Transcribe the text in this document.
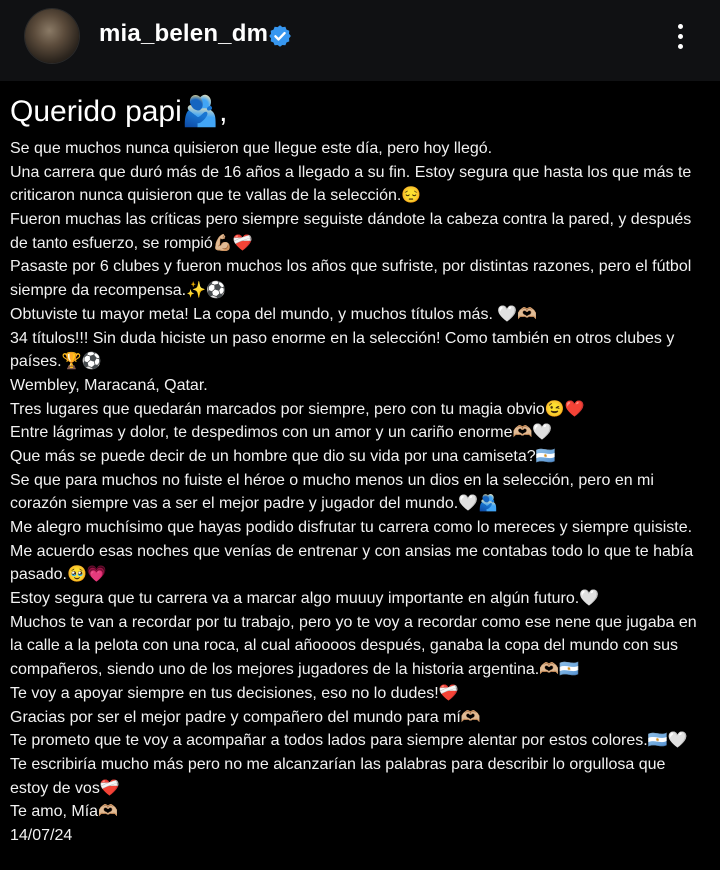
mia_belen_dm
Querido papi🫂,
Se que muchos nunca quisieron que llegue este día, pero hoy llegó.
Una carrera que duró más de 16 años a llegado a su fin. Estoy segura que hasta los que más te
criticaron nunca quisieron que te vallas de la selección.😔
Fueron muchas las críticas pero siempre seguiste dándote la cabeza contra la pared, y después
de tanto esfuerzo, se rompió💪🏼❤️‍🩹
Pasaste por 6 clubes y fueron muchos los años que sufriste, por distintas razones, pero el fútbol
siempre da recompensa.✨⚽️
Obtuviste tu mayor meta! La copa del mundo, y muchos títulos más. 🤍🫶🏼
34 títulos!!! Sin duda hiciste un paso enorme en la selección! Como también en otros clubes y
países.🏆⚽️
Wembley, Maracaná, Qatar.
Tres lugares que quedarán marcados por siempre, pero con tu magia obvio😉❤️
Entre lágrimas y dolor, te despedimos con un amor y un cariño enorme🫶🏼🤍
Que más se puede decir de un hombre que dio su vida por una camiseta?🇦🇷
Se que para muchos no fuiste el héroe o mucho menos un dios en la selección, pero en mi
corazón siempre vas a ser el mejor padre y jugador del mundo.🤍🫂
Me alegro muchísimo que hayas podido disfrutar tu carrera como lo mereces y siempre quisiste.
Me acuerdo esas noches que venías de entrenar y con ansias me contabas todo lo que te había
pasado.🥹💗
Estoy segura que tu carrera va a marcar algo muuuy importante en algún futuro.🤍
Muchos te van a recordar por tu trabajo, pero yo te voy a recordar como ese nene que jugaba en
la calle a la pelota con una roca, al cual añoooos después, ganaba la copa del mundo con sus
compañeros, siendo uno de los mejores jugadores de la historia argentina.🫶🏼🇦🇷
Te voy a apoyar siempre en tus decisiones, eso no lo dudes!❤️‍🩹
Gracias por ser el mejor padre y compañero del mundo para mí🫶🏼
Te prometo que te voy a acompañar a todos lados para siempre alentar por estos colores.🇦🇷🤍
Te escribiría mucho más pero no me alcanzarían las palabras para describir lo orgullosa que
estoy de vos❤️‍🩹
Te amo, Mía🫶🏼
14/07/24
